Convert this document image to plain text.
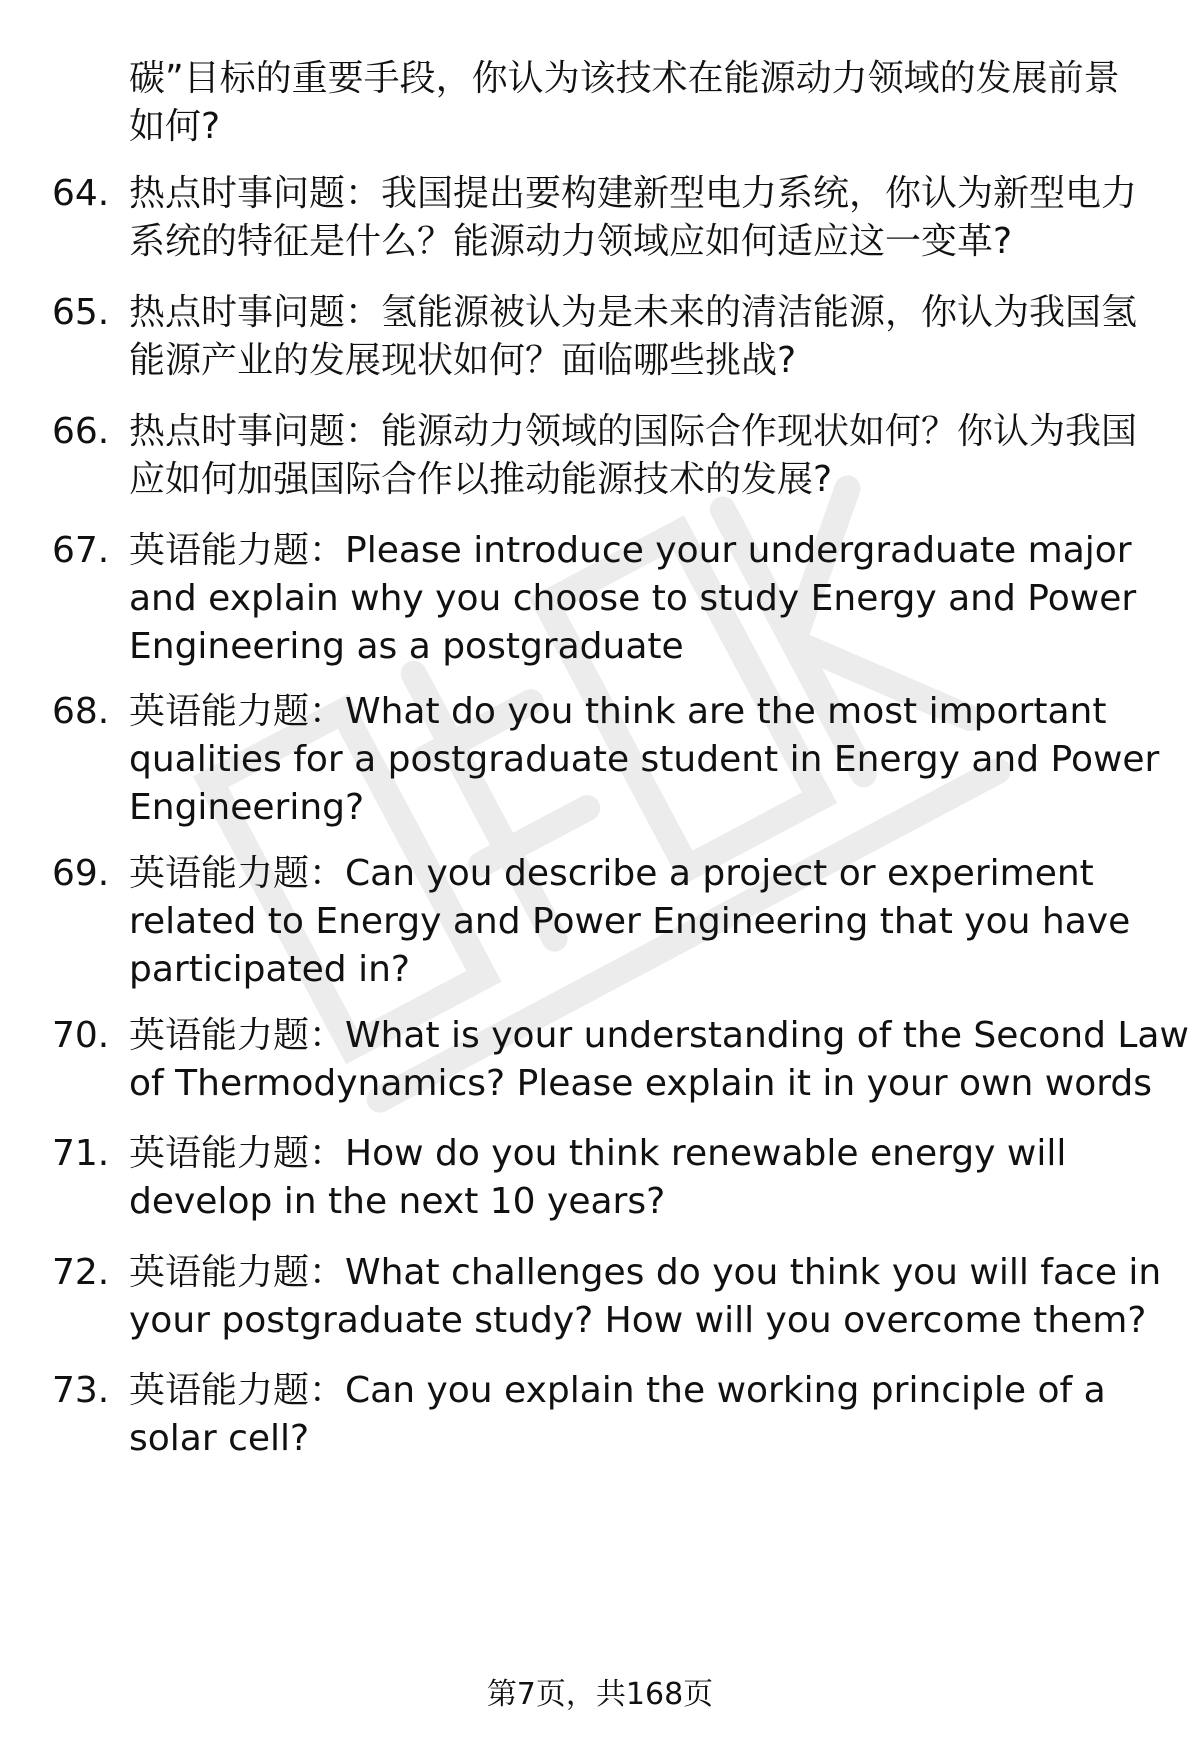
碳”目标的重要手段，你认为该技术在能源动力领域的发展前景
如何?
64. 热点时事问题：我国提出要构建新型电力系统，你认为新型电力
系统的特征是什么？能源动力领域应如何适应这一变革?
65. 热点时事问题：氢能源被认为是未来的清洁能源，你认为我国氢
能源产业的发展现状如何？面临哪些挑战?
66. 热点时事问题：能源动力领域的国际合作现状如何？你认为我国
应如何加强国际合作以推动能源技术的发展?
67. 英语能力题：Please introduce your undergraduate major
and explain why you choose to study Energy and Power
Engineering as a postgraduate
68. 英语能力题：What do you think are the most important
qualities for a postgraduate student in Energy and Power
Engineering?
69. 英语能力题：Can you describe a project or experiment
related to Energy and Power Engineering that you have
participated in?
70. 英语能力题：What is your understanding of the Second Law
of Thermodynamics? Please explain it in your own words
71. 英语能力题：How do you think renewable energy will
develop in the next 10 years?
72. 英语能力题：What challenges do you think you will face in
your postgraduate study? How will you overcome them?
73. 英语能力题：Can you explain the working principle of a
solar cell?
第7页，共168页
